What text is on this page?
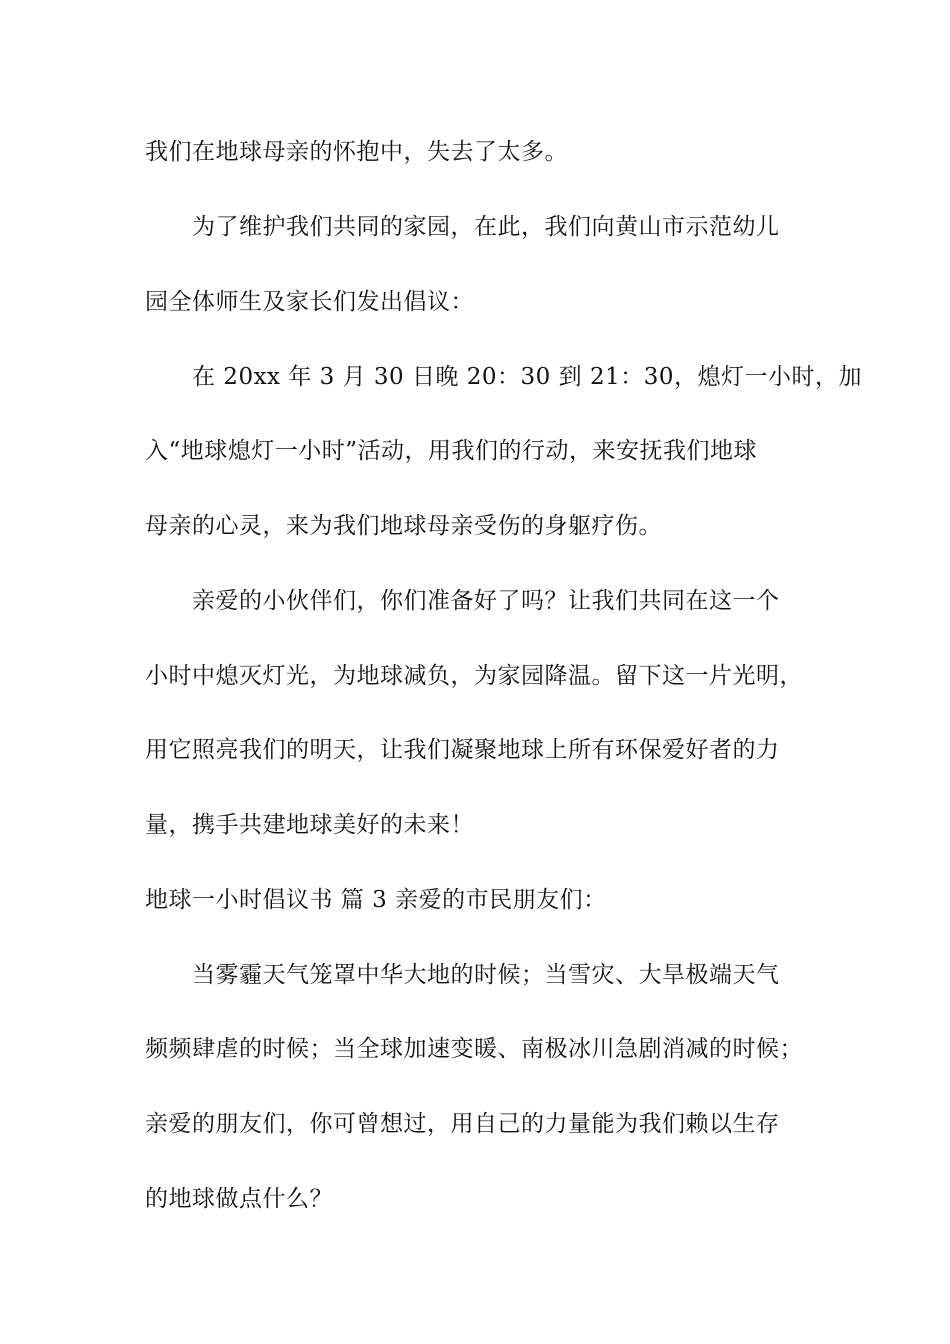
我们在地球母亲的怀抱中，失去了太多。
为了维护我们共同的家园，在此，我们向黄山市示范幼儿
园全体师生及家长们发出倡议：
在 20xx 年 3 月 30 日晚 20：30 到 21：30，熄灯一小时，加
入“地球熄灯一小时”活动，用我们的行动，来安抚我们地球
母亲的心灵，来为我们地球母亲受伤的身躯疗伤。
亲爱的小伙伴们，你们准备好了吗？让我们共同在这一个
小时中熄灭灯光，为地球减负，为家园降温。留下这一片光明，
用它照亮我们的明天，让我们凝聚地球上所有环保爱好者的力
量，携手共建地球美好的未来！
地球一小时倡议书 篇 3 亲爱的市民朋友们：
当雾霾天气笼罩中华大地的时候；当雪灾、大旱极端天气
频频肆虐的时候；当全球加速变暖、南极冰川急剧消减的时候；
亲爱的朋友们，你可曾想过，用自己的力量能为我们赖以生存
的地球做点什么？
